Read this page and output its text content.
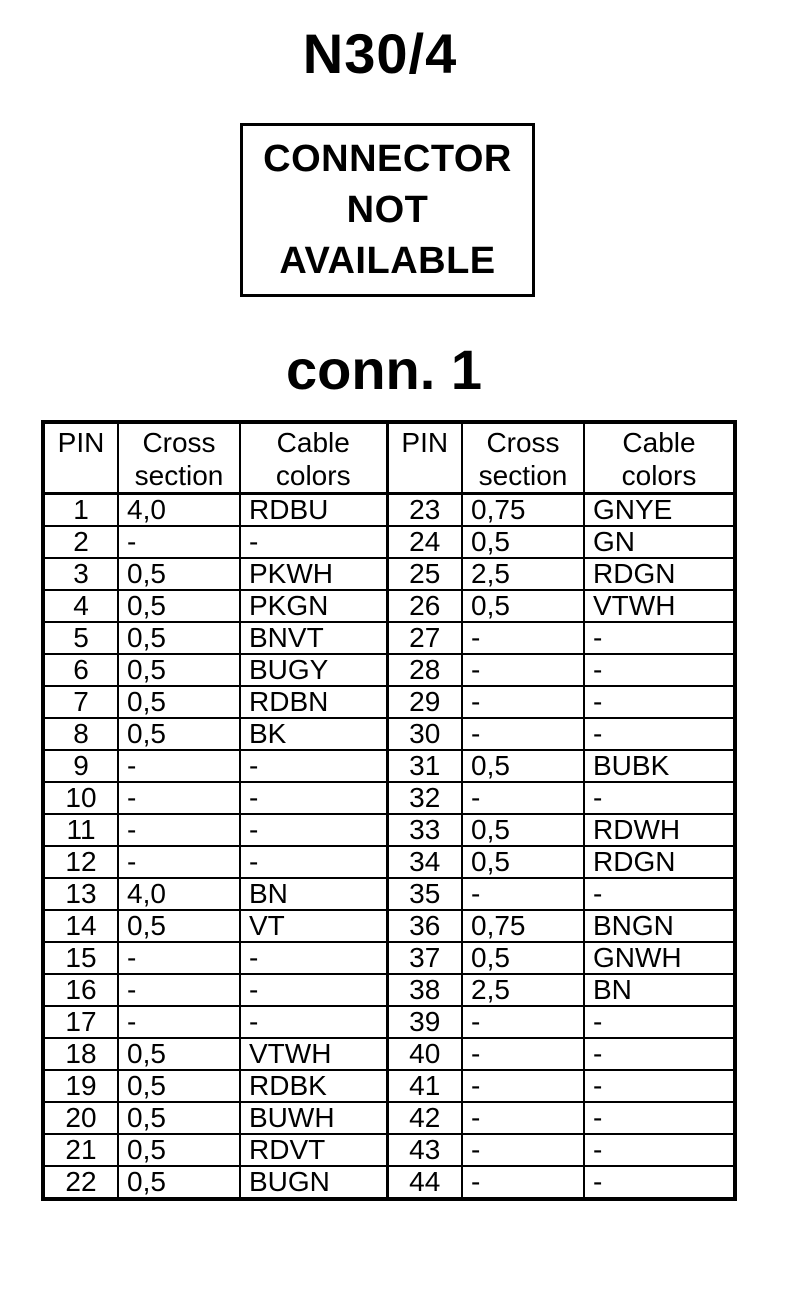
N30/4
CONNECTOR
NOT
AVAILABLE
conn. 1
PIN	Cross section	Cable colors	PIN	Cross section	Cable colors
1	4,0	RDBU	23	0,75	GNYE
2	-	-	24	0,5	GN
3	0,5	PKWH	25	2,5	RDGN
4	0,5	PKGN	26	0,5	VTWH
5	0,5	BNVT	27	-	-
6	0,5	BUGY	28	-	-
7	0,5	RDBN	29	-	-
8	0,5	BK	30	-	-
9	-	-	31	0,5	BUBK
10	-	-	32	-	-
11	-	-	33	0,5	RDWH
12	-	-	34	0,5	RDGN
13	4,0	BN	35	-	-
14	0,5	VT	36	0,75	BNGN
15	-	-	37	0,5	GNWH
16	-	-	38	2,5	BN
17	-	-	39	-	-
18	0,5	VTWH	40	-	-
19	0,5	RDBK	41	-	-
20	0,5	BUWH	42	-	-
21	0,5	RDVT	43	-	-
22	0,5	BUGN	44	-	-
